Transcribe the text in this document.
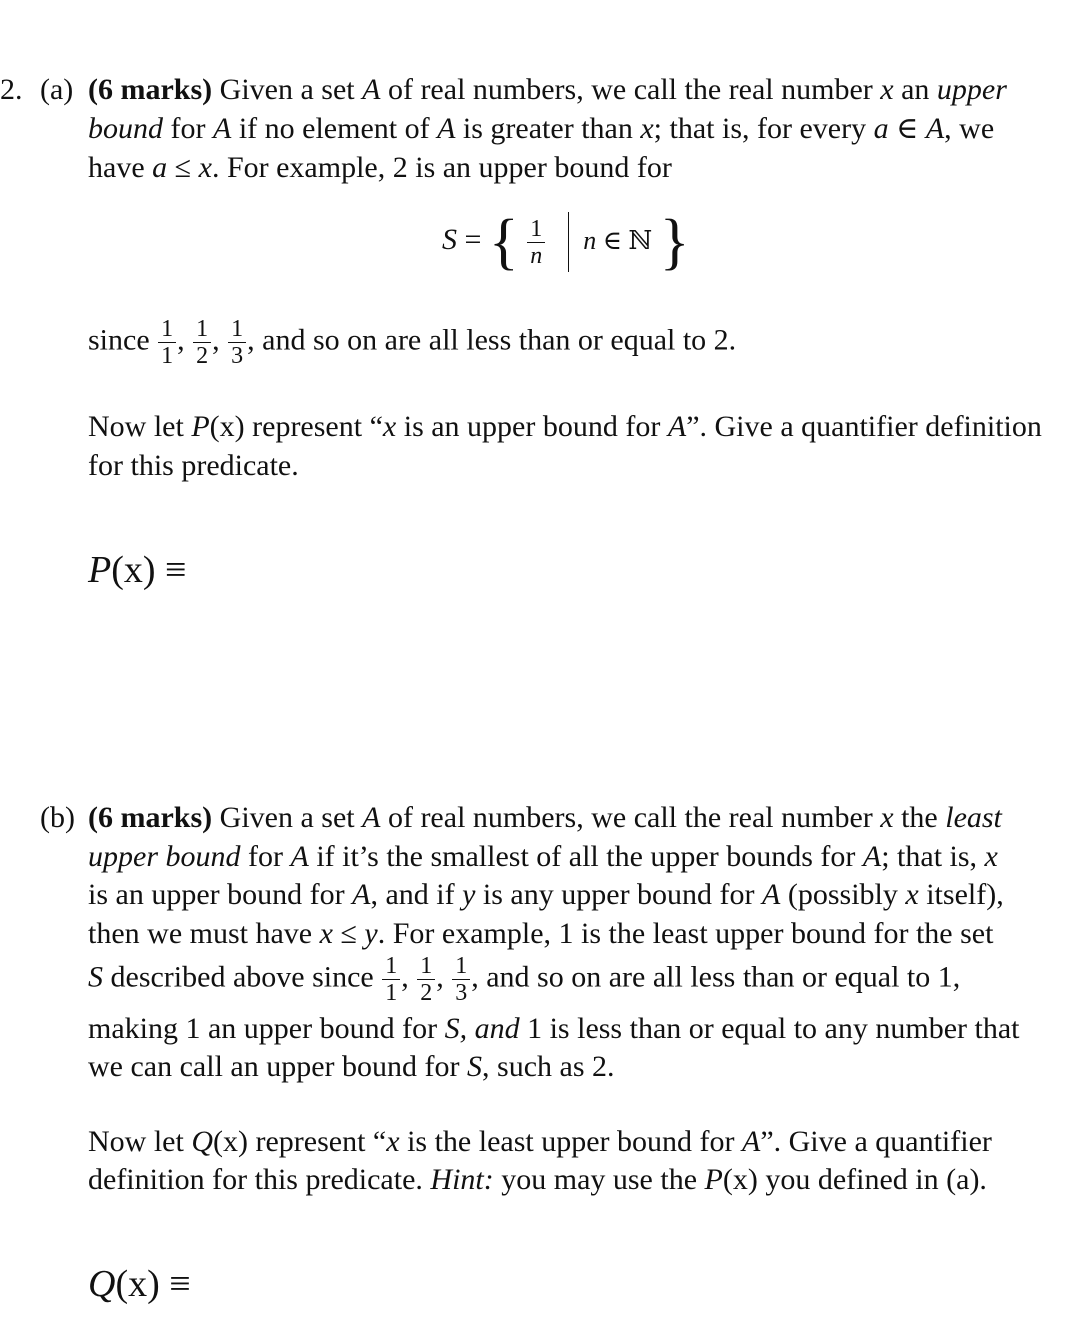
2. (a) (6 marks) Given a set A of real numbers, we call the real number x an upper
bound for A if no element of A is greater than x; that is, for every a ∈ A, we
have a ≤ x. For example, 2 is an upper bound for
S = { $\frac{1}{n}$ n ∈ ℕ }
since $\frac{1}{1}$ , $\frac{1}{2}$ , $\frac{1}{3}$ , and so on are all less than or equal to 2.
Now let P(x) represent “x is an upper bound for A”. Give a quantifier definition
for this predicate.
P(x) ≡
(b) (6 marks) Given a set A of real numbers, we call the real number x the least
upper bound for A if it’s the smallest of all the upper bounds for A; that is, x
is an upper bound for A, and if y is any upper bound for A (possibly x itself),
then we must have x ≤ y. For example, 1 is the least upper bound for the set
S described above since $\frac{1}{1}$ , $\frac{1}{2}$ , $\frac{1}{3}$ , and so on are all less than or equal to 1,
making 1 an upper bound for S, and 1 is less than or equal to any number that
we can call an upper bound for S, such as 2.
Now let Q(x) represent “x is the least upper bound for A”. Give a quantifier
definition for this predicate. Hint: you may use the P(x) you defined in (a).
Q(x) ≡
